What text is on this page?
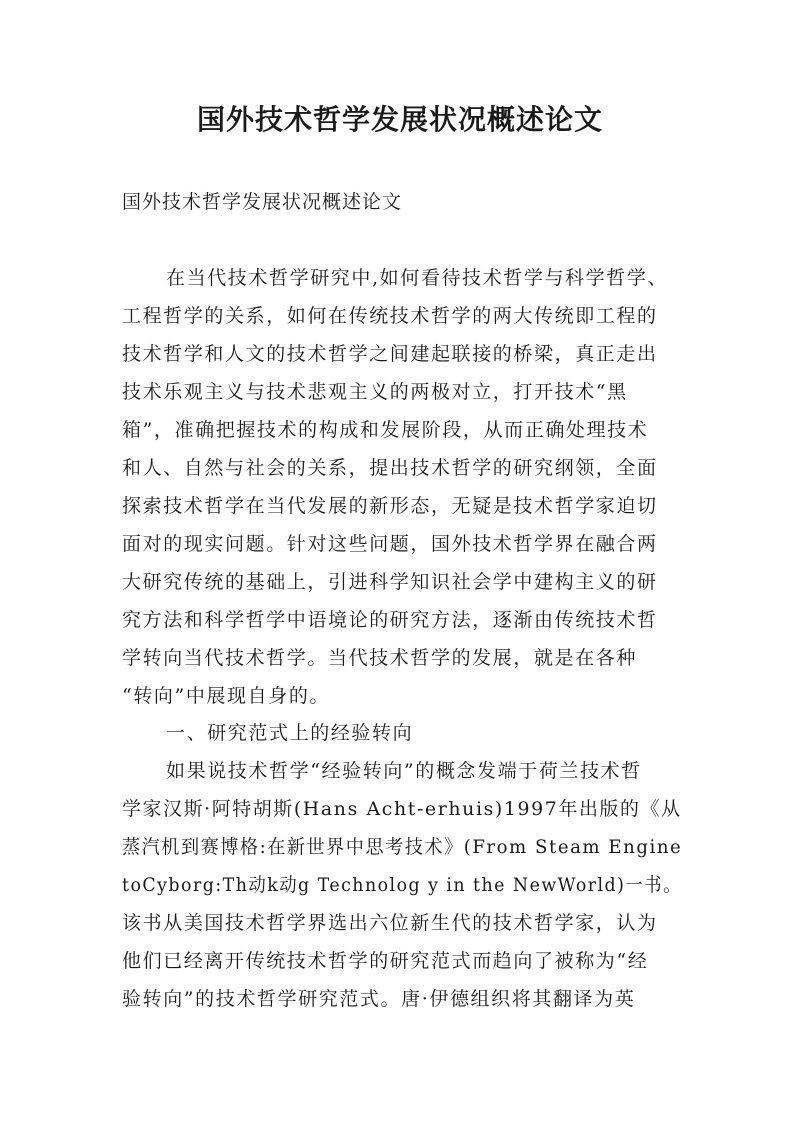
国外技术哲学发展状况概述论文
国外技术哲学发展状况概述论文

在当代技术哲学研究中,如何看待技术哲学与科学哲学、

工程哲学的关系，如何在传统技术哲学的两大传统即工程的

技术哲学和人文的技术哲学之间建起联接的桥梁，真正走出

技术乐观主义与技术悲观主义的两极对立，打开技术“黑

箱”，准确把握技术的构成和发展阶段，从而正确处理技术

和人、自然与社会的关系，提出技术哲学的研究纲领，全面

探索技术哲学在当代发展的新形态，无疑是技术哲学家迫切

面对的现实问题。针对这些问题，国外技术哲学界在融合两

大研究传统的基础上，引进科学知识社会学中建构主义的研

究方法和科学哲学中语境论的研究方法，逐渐由传统技术哲

学转向当代技术哲学。当代技术哲学的发展，就是在各种

“转向”中展现自身的。

一、研究范式上的经验转向

如果说技术哲学“经验转向”的概念发端于荷兰技术哲

学家汉斯·阿特胡斯(Hans Acht-erhuis)1997年出版的《从

蒸汽机到赛博格:在新世界中思考技术》(From Steam Engine

toCyborg:Th动k动g Technolog y in the NewWorld)一书。

该书从美国技术哲学界选出六位新生代的技术哲学家，认为

他们已经离开传统技术哲学的研究范式而趋向了被称为“经

验转向”的技术哲学研究范式。唐·伊德组织将其翻译为英
